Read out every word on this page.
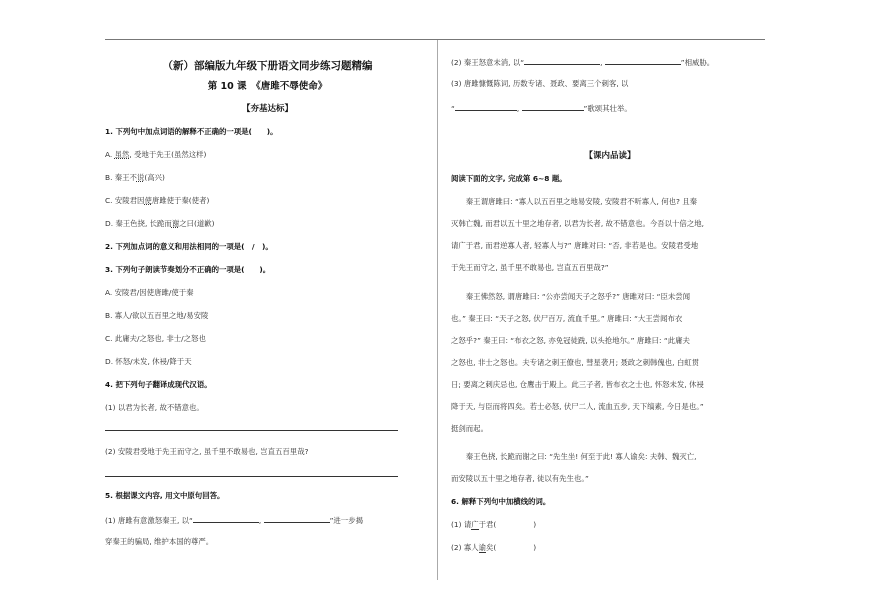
（新）部编版九年级下册语文同步练习题精编
第 10 课　《唐雎不辱使命》
【夯基达标】
1. 下列句中加点词语的解释不正确的一项是(　　)。
A. 虽然, 受地于先王(虽然这样)
B. 秦王不说(高兴)
C. 安陵君因使唐雎使于秦(使者)
D. 秦王色挠, 长跪而谢之曰(道歉)
2. 下列加点词的意义和用法相同的一项是(　/　)。
3. 下列句子朗读节奏划分不正确的一项是(　　)。
A. 安陵君/因使唐雎/使于秦
B. 寡人/欲以五百里之地/易安陵
C. 此庸夫/之怒也, 非士/之怒也
D. 怀怒/未发, 休祲/降于天
4. 把下列句子翻译成现代汉语。
(1) 以君为长者, 故不错意也。
(2) 安陵君受地于先王而守之, 虽千里不敢易也, 岂直五百里哉?
5. 根据课文内容, 用文中原句回答。
(1) 唐雎有意激怒秦王, 以“	,	”进一步揭
穿秦王的骗局, 维护本国的尊严。
(2) 秦王怒意未消, 以“	,	”相威胁。
(3) 唐雎慷慨陈词, 历数专诸、聂政、要离三个刺客, 以
“	,	”歌颂其壮举。
【课内品读】
阅读下面的文字, 完成第 6~8 题。
　　秦王谓唐雎曰: “寡人以五百里之地易安陵, 安陵君不听寡人, 何也? 且秦
灭韩亡魏, 而君以五十里之地存者, 以君为长者, 故不错意也。今吾以十倍之地,
请广于君, 而君逆寡人者, 轻寡人与?” 唐雎对曰: “否, 非若是也。安陵君受地
于先王而守之, 虽千里不敢易也, 岂直五百里哉?”
　　秦王怫然怒, 谓唐雎曰: “公亦尝闻天子之怒乎?” 唐雎对曰: “臣未尝闻
也。” 秦王曰: “天子之怒, 伏尸百万, 流血千里。” 唐雎曰: “大王尝闻布衣
之怒乎?” 秦王曰: “布衣之怒, 亦免冠徒跣, 以头抢地尔。” 唐雎曰: “此庸夫
之怒也, 非士之怒也。夫专诸之刺王僚也, 彗星袭月; 聂政之刺韩傀也, 白虹贯
日; 要离之刺庆忌也, 仓鹰击于殿上。此三子者, 皆布衣之士也, 怀怒未发, 休祲
降于天, 与臣而将四矣。若士必怒, 伏尸二人, 流血五步, 天下缟素, 今日是也。”
挺剑而起。
　　秦王色挠, 长跪而谢之曰: “先生坐! 何至于此! 寡人谕矣: 夫韩、魏灭亡,
而安陵以五十里之地存者, 徒以有先生也。”
6. 解释下列句中加横线的词。
(1) 请广于君(　　　　　)
(2) 寡人谕矣(　　　　　)
